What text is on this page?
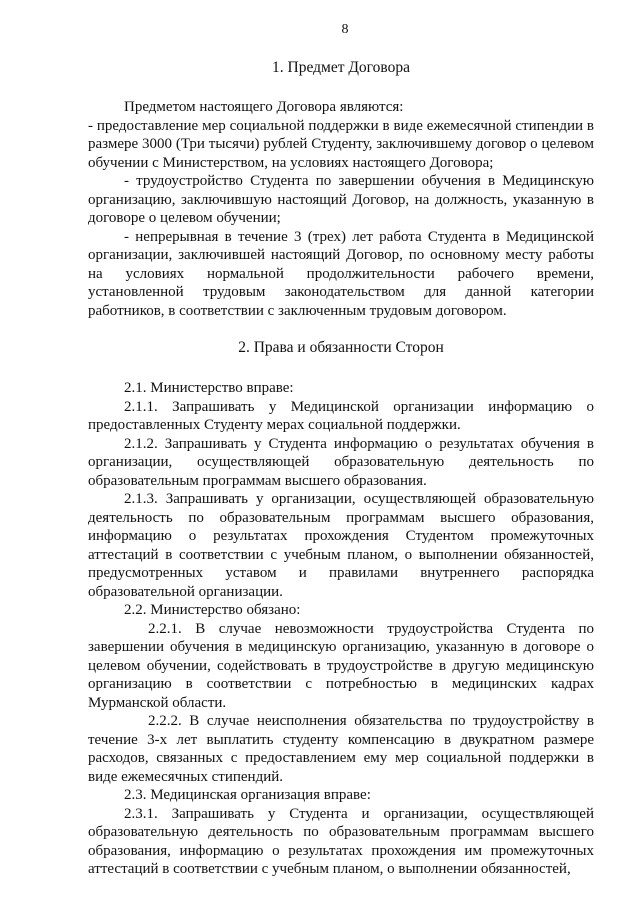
8
1. Предмет Договора

Предметом настоящего Договора являются:

- предоставление мер социальной поддержки в виде ежемесячной стипендии в размере 3000 (Три тысячи) рублей Студенту, заключившему договор о целевом обучении с Министерством, на условиях настоящего Договора;

- трудоустройство Студента по завершении обучения в Медицинскую организацию, заключившую настоящий Договор, на должность, указанную в договоре о целевом обучении;

- непрерывная в течение 3 (трех) лет работа Студента в Медицинской организации, заключившей настоящий Договор, по основному месту работы на условиях нормальной продолжительности рабочего времени, установленной трудовым законодательством для данной категории работников, в соответствии с заключенным трудовым договором.

2. Права и обязанности Сторон

2.1. Министерство вправе:

2.1.1. Запрашивать у Медицинской организации информацию о предоставленных Студенту мерах социальной поддержки.

2.1.2. Запрашивать у Студента информацию о результатах обучения в организации, осуществляющей образовательную деятельность по образовательным программам высшего образования.

2.1.3. Запрашивать у организации, осуществляющей образовательную деятельность по образовательным программам высшего образования, информацию о результатах прохождения Студентом промежуточных аттестаций в соответствии с учебным планом, о выполнении обязанностей, предусмотренных уставом и правилами внутреннего распорядка образовательной организации.

2.2. Министерство обязано:

2.2.1. В случае невозможности трудоустройства Студента по завершении обучения в медицинскую организацию, указанную в договоре о целевом обучении, содействовать в трудоустройстве в другую медицинскую организацию в соответствии с потребностью в медицинских кадрах Мурманской области.

2.2.2. В случае неисполнения обязательства по трудоустройству в течение 3-х лет выплатить студенту компенсацию в двукратном размере расходов, связанных с предоставлением ему мер социальной поддержки в виде ежемесячных стипендий.

2.3. Медицинская организация вправе:

2.3.1. Запрашивать у Студента и организации, осуществляющей образовательную деятельность по образовательным программам высшего образования, информацию о результатах прохождения им промежуточных аттестаций в соответствии с учебным планом, о выполнении обязанностей,
